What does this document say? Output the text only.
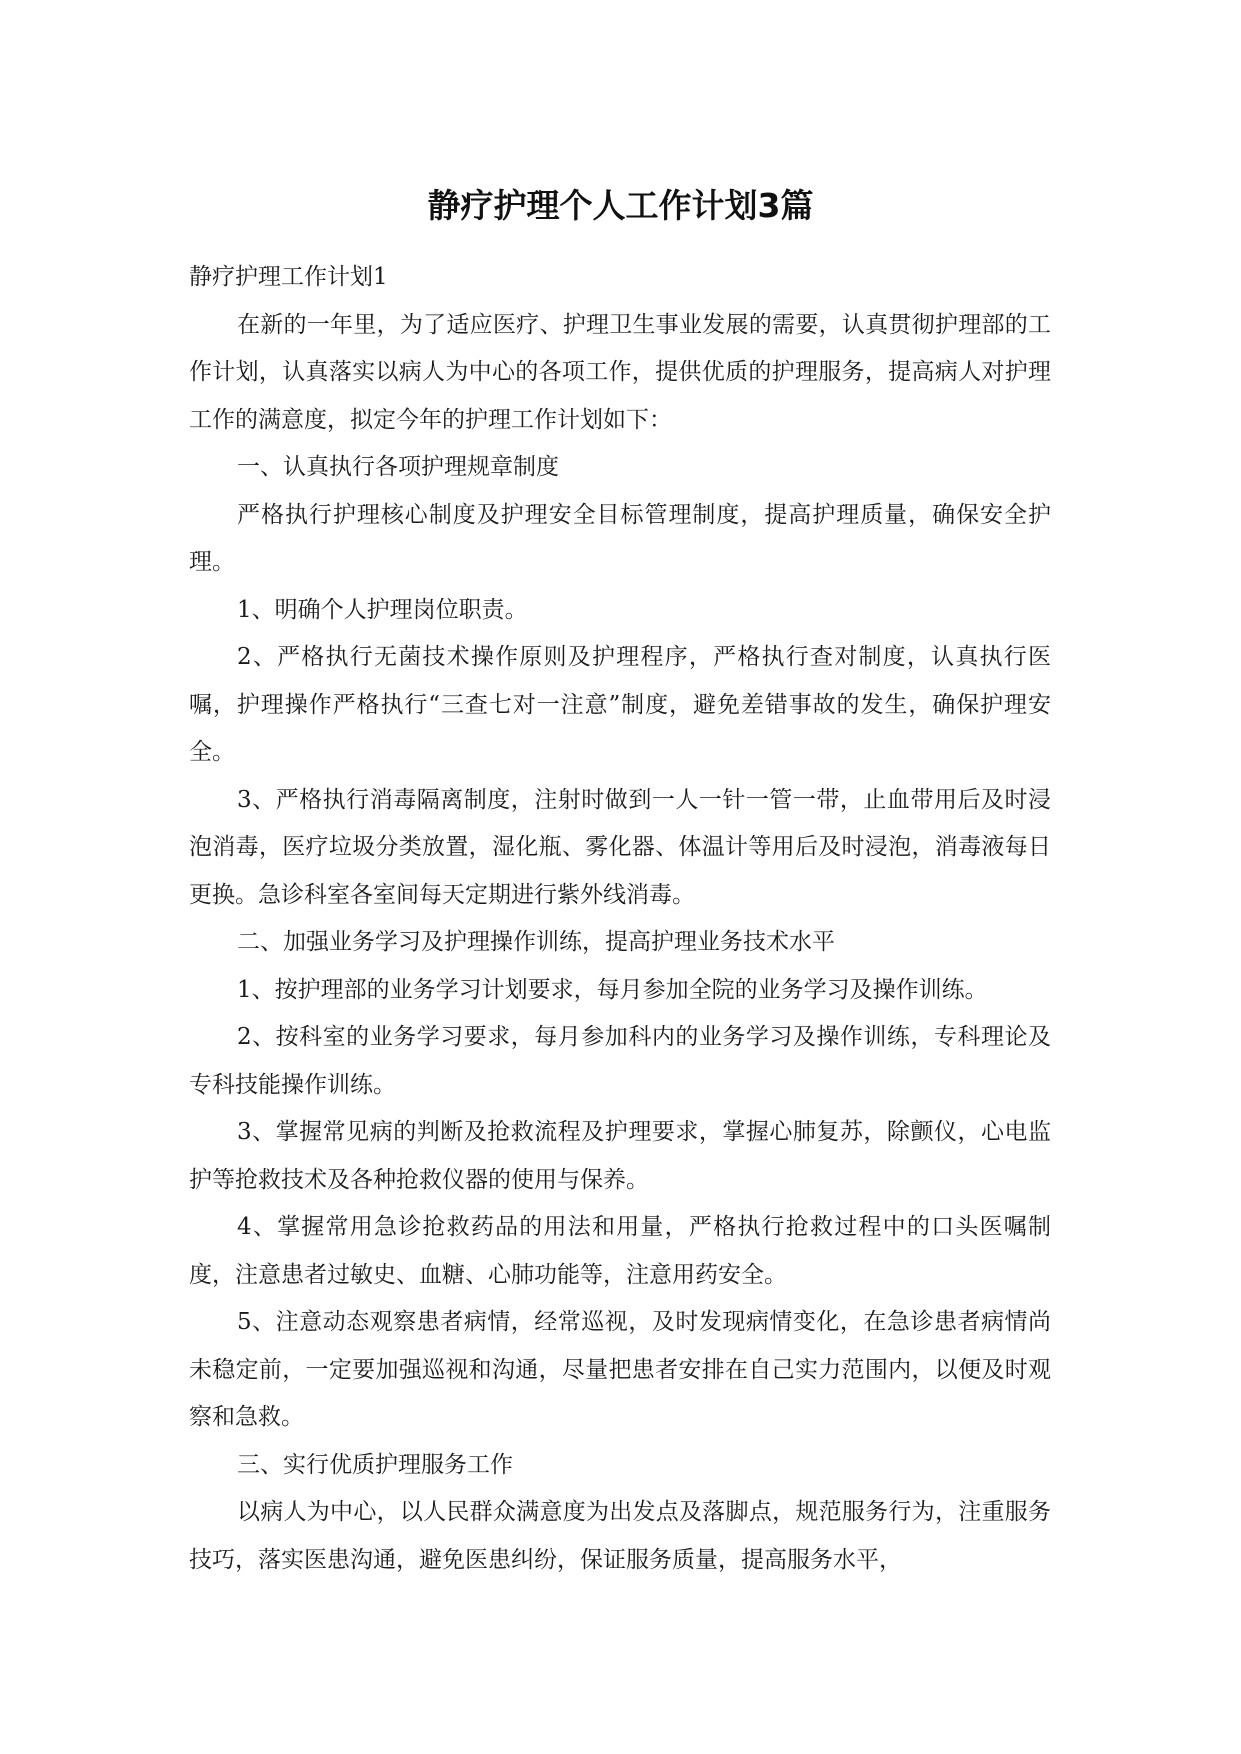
静疗护理个人工作计划3篇

静疗护理工作计划1

在新的一年里，为了适应医疗、护理卫生事业发展的需要，认真贯彻护理部的工作计划，认真落实以病人为中心的各项工作，提供优质的护理服务，提高病人对护理工作的满意度，拟定今年的护理工作计划如下：

一、认真执行各项护理规章制度

严格执行护理核心制度及护理安全目标管理制度，提高护理质量，确保安全护理。

1、明确个人护理岗位职责。

2、严格执行无菌技术操作原则及护理程序，严格执行查对制度，认真执行医嘱，护理操作严格执行“三查七对一注意”制度，避免差错事故的发生，确保护理安全。

3、严格执行消毒隔离制度，注射时做到一人一针一管一带，止血带用后及时浸泡消毒，医疗垃圾分类放置，湿化瓶、雾化器、体温计等用后及时浸泡，消毒液每日更换。急诊科室各室间每天定期进行紫外线消毒。

二、加强业务学习及护理操作训练，提高护理业务技术水平

1、按护理部的业务学习计划要求，每月参加全院的业务学习及操作训练。

2、按科室的业务学习要求，每月参加科内的业务学习及操作训练，专科理论及专科技能操作训练。

3、掌握常见病的判断及抢救流程及护理要求，掌握心肺复苏，除颤仪，心电监护等抢救技术及各种抢救仪器的使用与保养。

4、掌握常用急诊抢救药品的用法和用量，严格执行抢救过程中的口头医嘱制度，注意患者过敏史、血糖、心肺功能等，注意用药安全。

5、注意动态观察患者病情，经常巡视，及时发现病情变化，在急诊患者病情尚未稳定前，一定要加强巡视和沟通，尽量把患者安排在自己实力范围内，以便及时观察和急救。

三、实行优质护理服务工作

以病人为中心，以人民群众满意度为出发点及落脚点，规范服务行为，注重服务技巧，落实医患沟通，避免医患纠纷，保证服务质量，提高服务水平，
